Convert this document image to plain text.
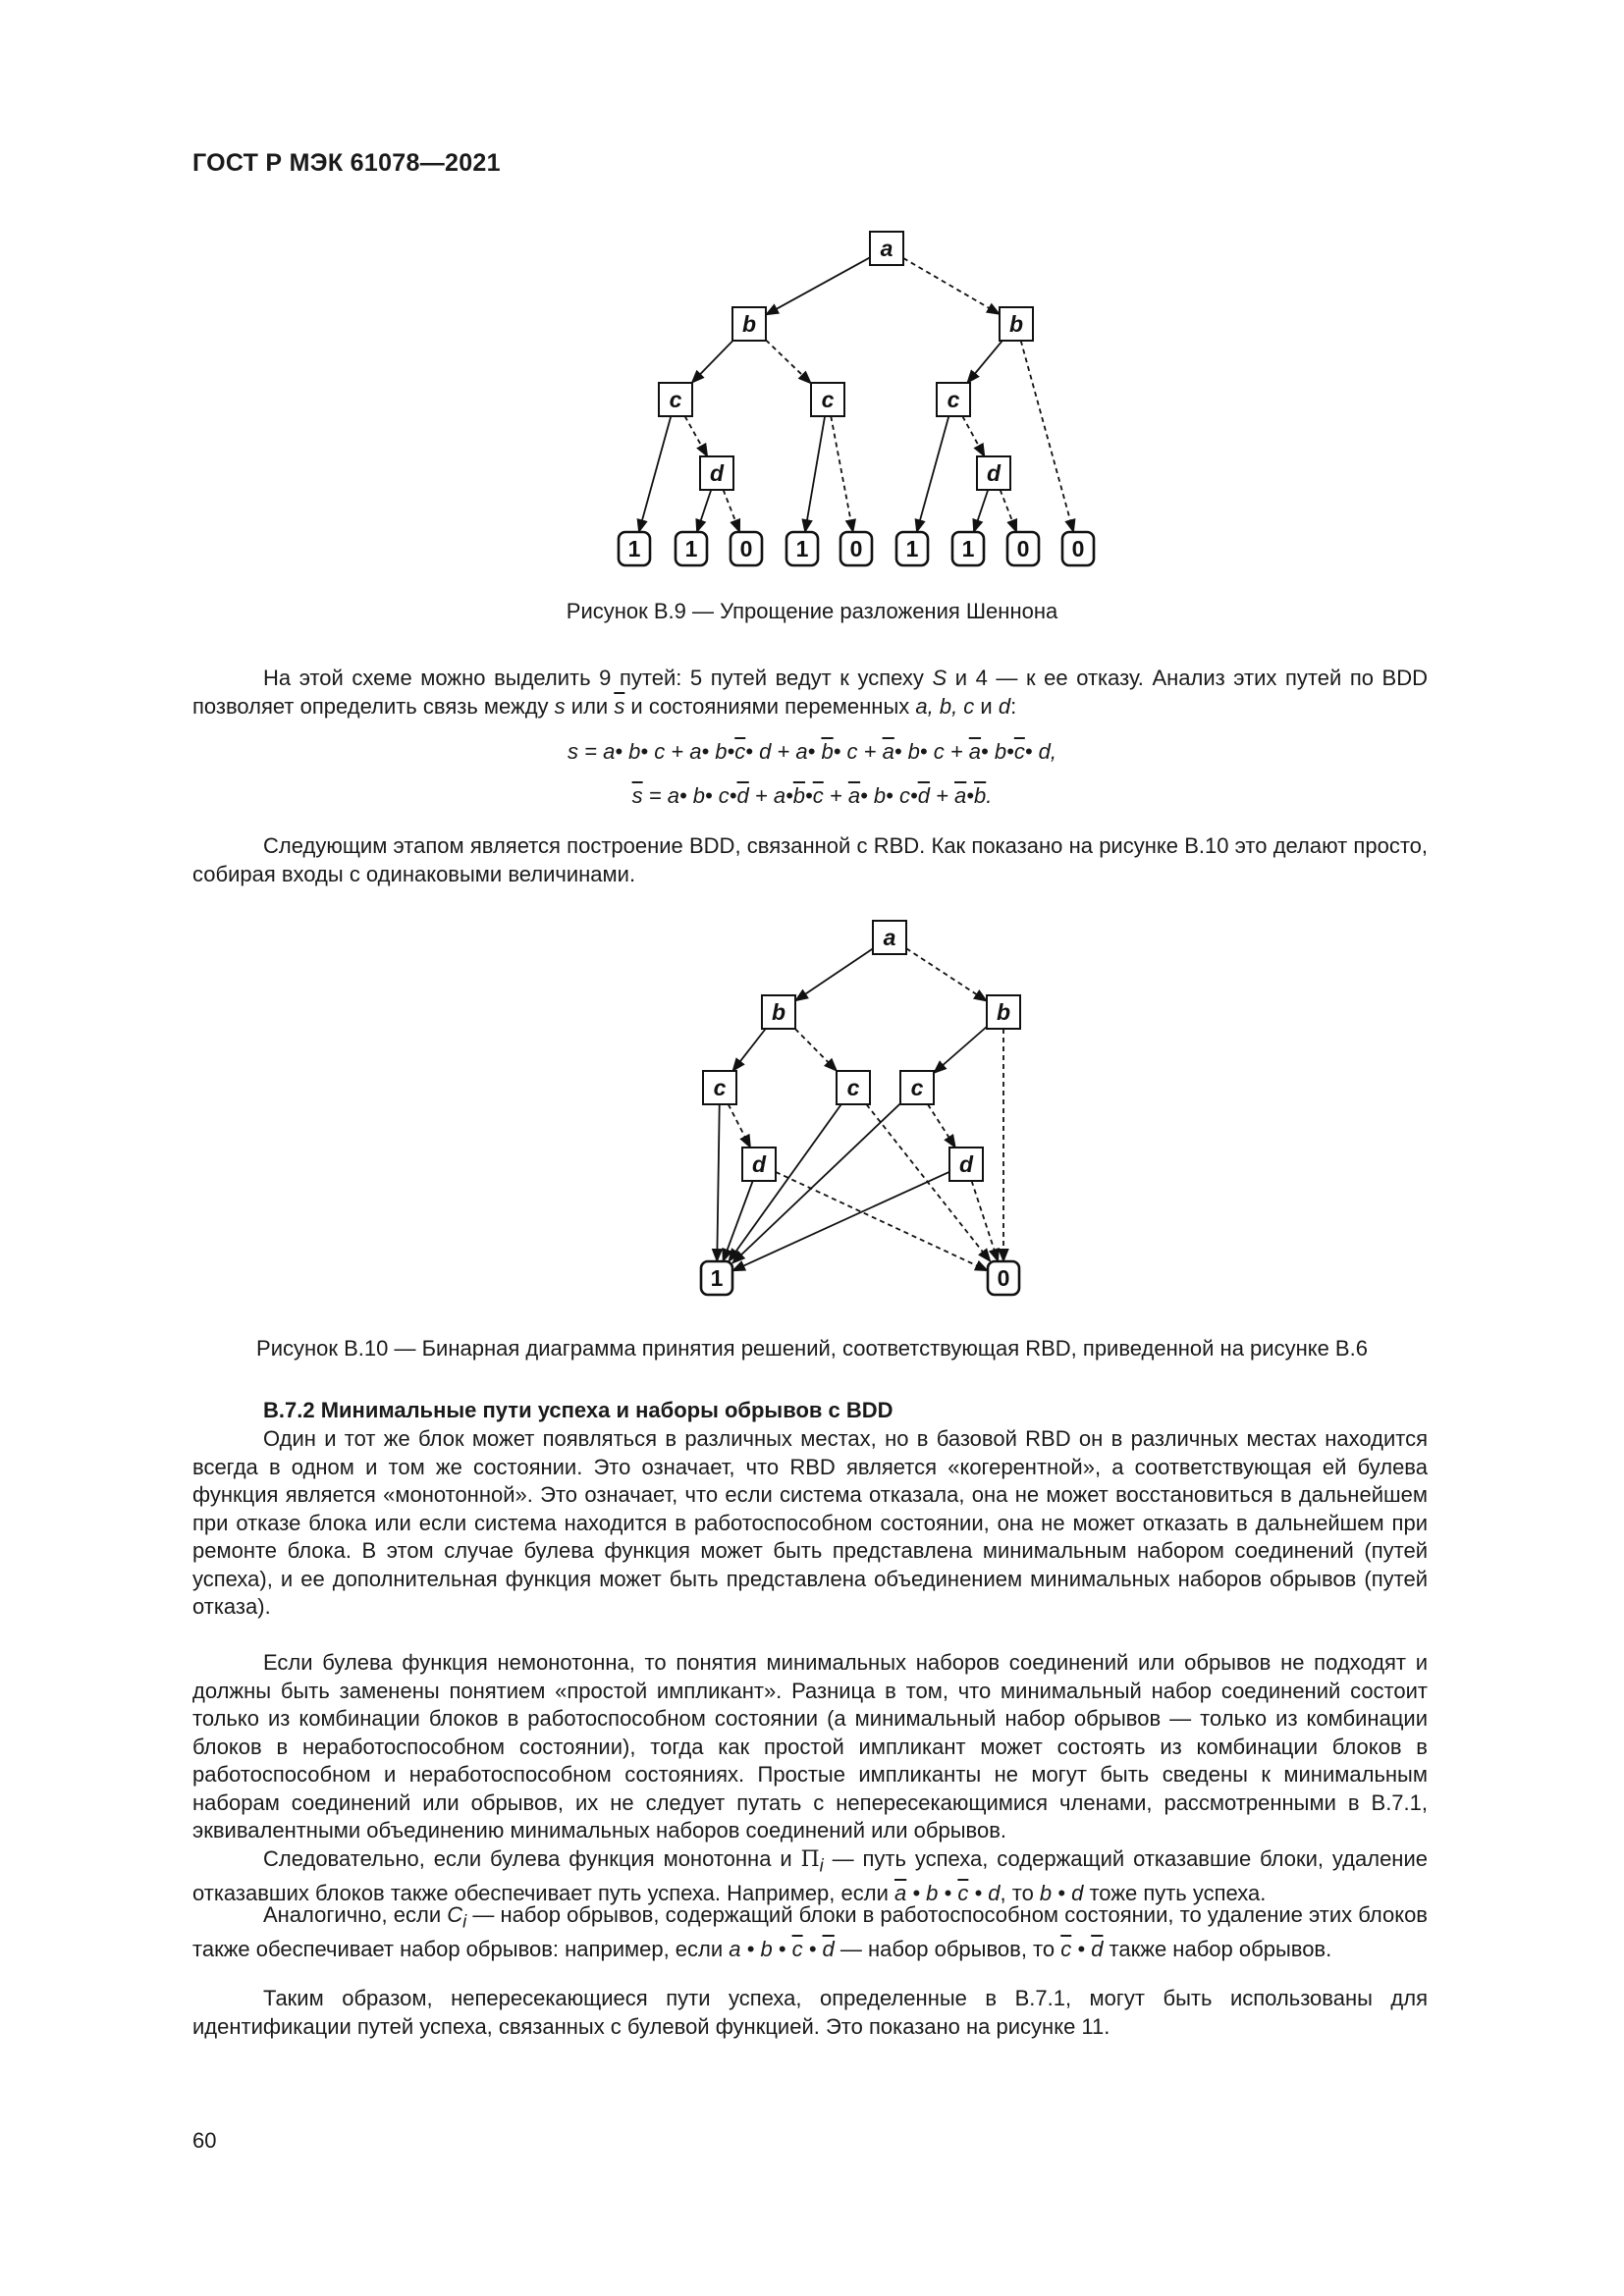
ГОСТ Р МЭК 61078—2021
a
b	b
c	c	c
d	d
1 1 0 1 0 1 1 0 0
Рисунок В.9 — Упрощение разложения Шеннона

На этой схеме можно выделить 9 путей: 5 путей ведут к успеху S и 4 — к ее отказу. Анализ этих путей по BDD позволяет определить связь между s или $\overline{s}$ и состояниями переменных a, b, c и d:

s = a• b• c + a• $b•\overline{c}•$ d + a• $\overline{b}•$ $c + \overline{a}•$ b• $c + \overline{a}•$ $b•\overline{c}•$ d,
$\overline{s}$ = a• b• $c•\overline{d}$ + $a•\overline{b}•\overline{c}$ + $\overline{a}•$ b• $c•\overline{d}$ + $\overline{a}•\overline{b}$.

Следующим этапом является построение BDD, связанной с RBD. Как показано на рисунке В.10 это делают просто, собирая входы с одинаковыми величинами.

a
b	b
c	c c
d	d
1	0
Рисунок В.10 — Бинарная диаграмма принятия решений, соответствующая RBD, приведенной на рисунке В.6
В.7.2 Минимальные пути успеха и наборы обрывов с BDD

Один и тот же блок может появляться в различных местах, но в базовой RBD он в различных местах находится всегда в одном и том же состоянии. Это означает, что RBD является «когерентной», а соответствующая ей булева функция является «монотонной». Это означает, что если система отказала, она не может восстановиться в дальнейшем при отказе блока или если система находится в работоспособном состоянии, она не может отказать в дальнейшем при ремонте блока. В этом случае булева функция может быть представлена минимальным набором соединений (путей успеха), и ее дополнительная функция может быть представлена объединением минимальных наборов обрывов (путей отказа).

Если булева функция немонотонна, то понятия минимальных наборов соединений или обрывов не подходят и должны быть заменены понятием «простой импликант». Разница в том, что минимальный набор соединений состоит только из комбинации блоков в работоспособном состоянии (а минимальный набор обрывов — только из комбинации блоков в неработоспособном состоянии), тогда как простой импликант может состоять из комбинации блоков в работоспособном и неработоспособном состояниях. Простые импликанты не могут быть сведены к минимальным наборам соединений или обрывов, их не следует путать с непересекающимися членами, рассмотренными в В.7.1, эквивалентными объединению минимальных наборов соединений или обрывов.

Следовательно, если булева функция монотонна и $\Pi_i$ — путь успеха, содержащий отказавшие блоки, удаление отказавших блоков также обеспечивает путь успеха. Например, если $\overline{a}$ • b • $\overline{c}$ • d, то b • d тоже путь успеха.

Аналогично, если $C_i$ — набор обрывов, содержащий блоки в работоспособном состоянии, то удаление этих блоков также обеспечивает набор обрывов: например, если a • b • $\overline{c}$ • $\overline{d}$ — набор обрывов, то $\overline{c}$ • $\overline{d}$ также набор обрывов.

Таким образом, непересекающиеся пути успеха, определенные в В.7.1, могут быть использованы для идентификации путей успеха, связанных с булевой функцией. Это показано на рисунке 11.

60
